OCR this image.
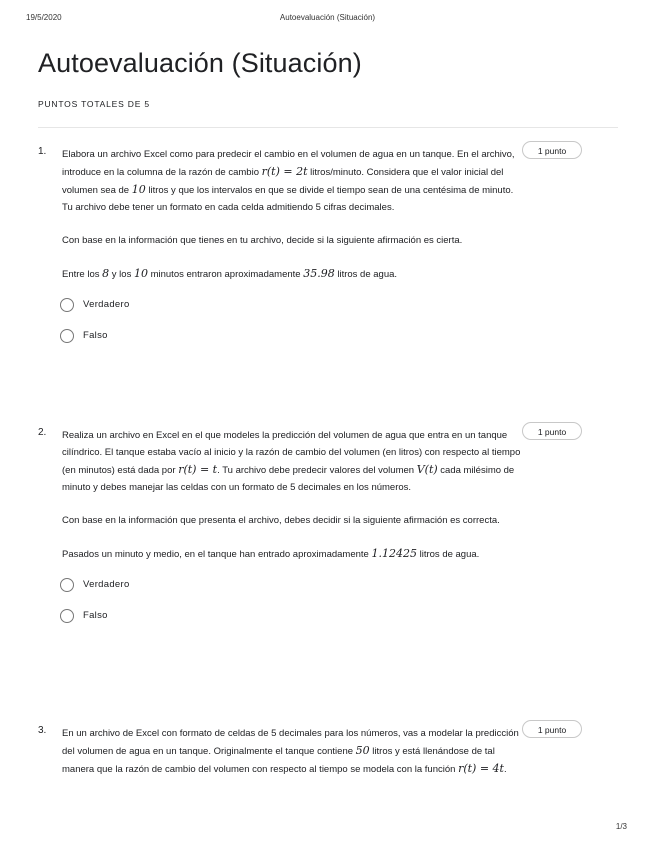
19/5/2020	Autoevaluación (Situación)
Autoevaluación (Situación)
PUNTOS TOTALES DE 5
1.	1 punto

Elabora un archivo Excel como para predecir el cambio en el volumen de agua en un tanque. En el archivo, introduce en la columna de la razón de cambio r(t) = 2t litros/minuto. Considera que el valor inicial del volumen sea de 10 litros y que los intervalos en que se divide el tiempo sean de una centésima de minuto. Tu archivo debe tener un formato en cada celda admitiendo 5 cifras decimales.

Con base en la información que tienes en tu archivo, decide si la siguiente afirmación es cierta.

Entre los 8 y los 10 minutos entraron aproximadamente 35.98 litros de agua.

Verdadero
Falso
2.	1 punto

Realiza un archivo en Excel en el que modeles la predicción del volumen de agua que entra en un tanque cilíndrico. El tanque estaba vacío al inicio y la razón de cambio del volumen (en litros) con respecto al tiempo (en minutos) está dada por r(t) = t. Tu archivo debe predecir valores del volumen V(t) cada milésimo de minuto y debes manejar las celdas con un formato de 5 decimales en los números.

Con base en la información que presenta el archivo, debes decidir si la siguiente afirmación es correcta.

Pasados un minuto y medio, en el tanque han entrado aproximadamente 1.12425 litros de agua.

Verdadero
Falso
3.	1 punto

En un archivo de Excel con formato de celdas de 5 decimales para los números, vas a modelar la predicción del volumen de agua en un tanque. Originalmente el tanque contiene 50 litros y está llenándose de tal manera que la razón de cambio del volumen con respecto al tiempo se modela con la función r(t) = 4t.

1/3
